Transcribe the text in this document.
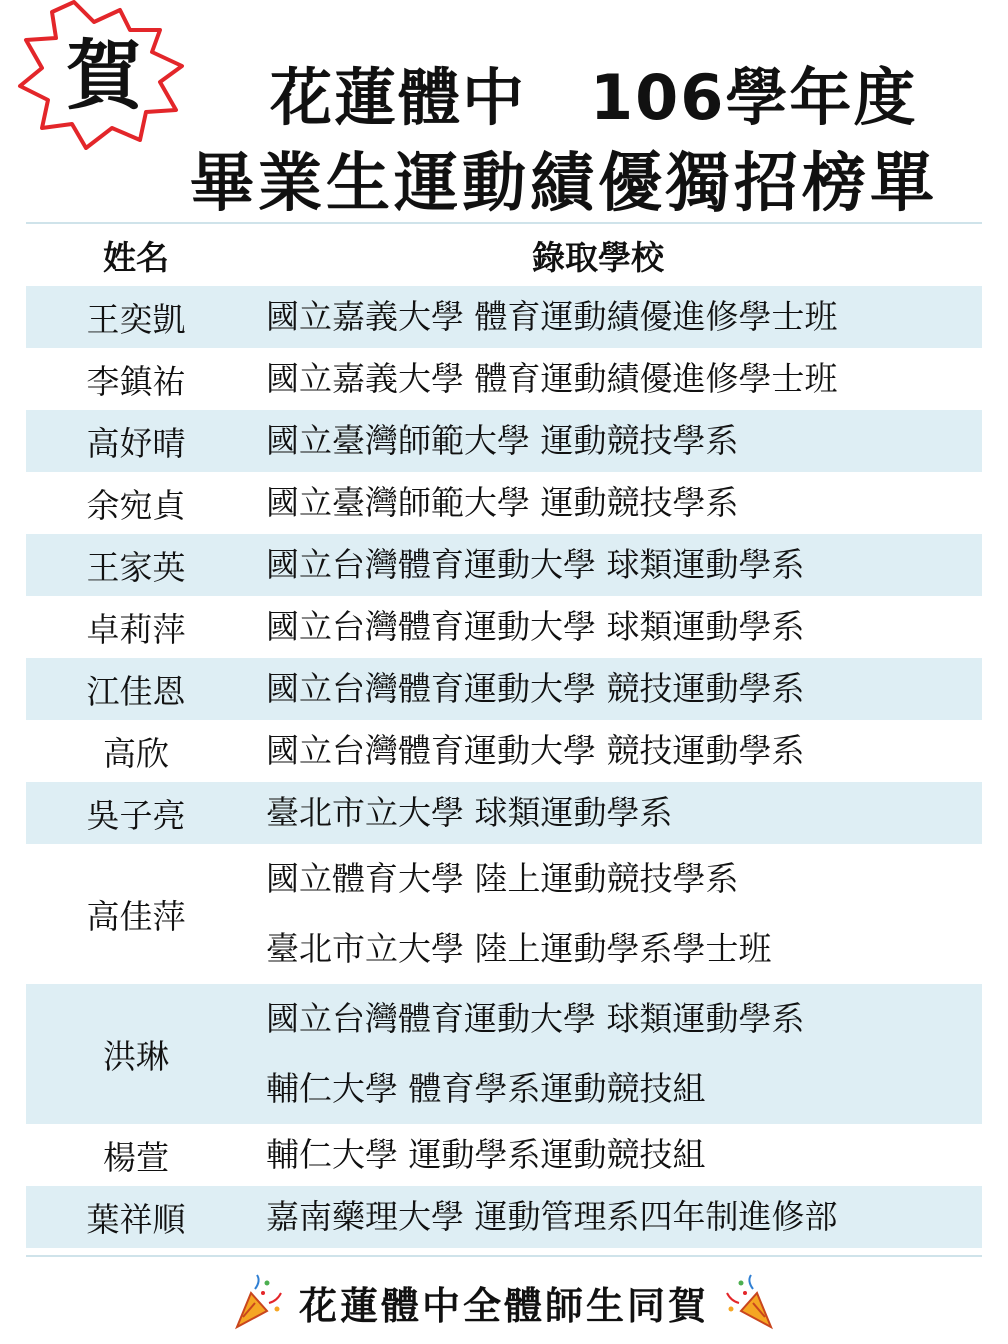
賀	花蓮體中　106學年度
畢業生運動績優獨招榜單
姓名	錄取學校
王奕凱	國立嘉義大學 體育運動績優進修學士班

李鎮祐	國立嘉義大學 體育運動績優進修學士班

高妤晴	國立臺灣師範大學 運動競技學系

余宛貞	國立臺灣師範大學 運動競技學系

王家英	國立台灣體育運動大學 球類運動學系

卓莉萍	國立台灣體育運動大學 球類運動學系

江佳恩	國立台灣體育運動大學 競技運動學系

高欣	國立台灣體育運動大學 競技運動學系

吳子亮	臺北市立大學 球類運動學系

高佳萍	國立體育大學 陸上運動競技學系
臺北市立大學 陸上運動學系學士班

洪琳	國立台灣體育運動大學 球類運動學系
輔仁大學 體育學系運動競技組

楊萱	輔仁大學 運動學系運動競技組

葉祥順	嘉南藥理大學 運動管理系四年制進修部
花蓮體中全體師生同賀
